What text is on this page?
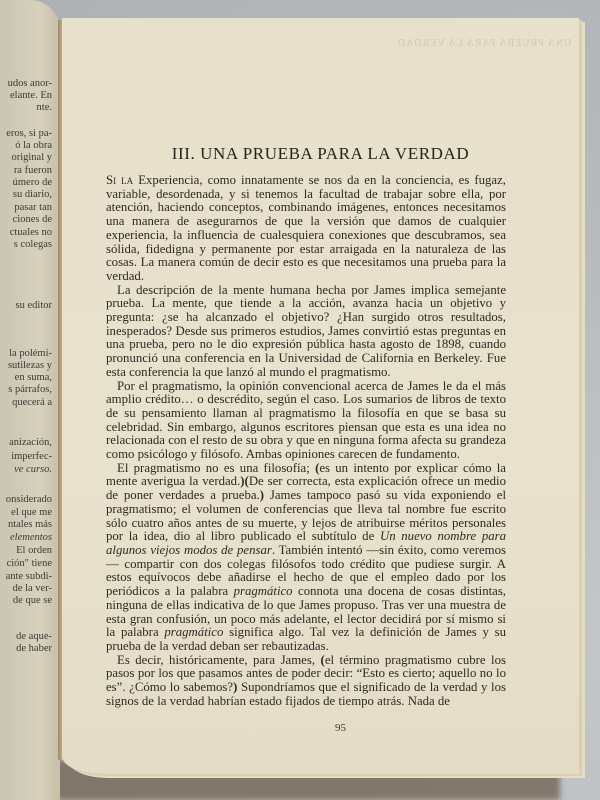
udos anor-
elante. En
nte.
eros, si pa-
ó la obra
original y
ra fueron
úmero de
su diario,
pasar tan
ciones de
ctuales no
s colegas
su editor
la polémi-
sutilezas y
en suma,
s párrafos,
quecerá a
anización,
imperfec-
ve curso.
onsiderado
el que me
ntales más
elementos
El orden
ción" tiene
ante subdi-
de la ver-
de que se
de aque-
de haber
UNA PRUEBA PARA LA VERDAD
III. UNA PRUEBA PARA LA VERDAD
95

Si la Experiencia, como innatamente se nos da en la conciencia, es fugaz, variable, desordenada, y si tenemos la facultad de trabajar sobre ella, por atención, haciendo conceptos, combinando imágenes, entonces necesitamos una manera de asegurarnos de que la versión que damos de cualquier experiencia, la influencia de cualesquiera conexiones que descubramos, sea sólida, fidedigna y permanente por estar arraigada en la naturaleza de las cosas. La manera común de decir esto es que necesitamos una prueba para la verdad.

La descripción de la mente humana hecha por James implica semejante prueba. La mente, que tiende a la acción, avanza hacia un objetivo y pregunta: ¿se ha alcanzado el objetivo? ¿Han surgido otros resultados, inesperados? Desde sus primeros estudios, James convirtió estas preguntas en una prueba, pero no le dio expresión pública hasta agosto de 1898, cuando pronunció una conferencia en la Universidad de California en Berkeley. Fue esta conferencia la que lanzó al mundo el pragmatismo.

Por el pragmatismo, la opinión convencional acerca de James le da el más amplio crédito… o descrédito, según el caso. Los sumarios de libros de texto de su pensamiento llaman al pragmatismo la filosofía en que se basa su celebridad. Sin embargo, algunos escritores piensan que esta es una idea no relacionada con el resto de su obra y que en ninguna forma afecta su grandeza como psicólogo y filósofo. Ambas opiniones carecen de fundamento.

El pragmatismo no es una filosofía; (es un intento por explicar cómo la mente averigua la verdad.)(De ser correcta, esta explicación ofrece un medio de poner verdades a prueba.) James tampoco pasó su vida exponiendo el pragmatismo; el volumen de conferencias que lleva tal nombre fue escrito sólo cuatro años antes de su muerte, y lejos de atribuirse méritos personales por la idea, dio al libro publicado el subtítulo de Un nuevo nombre para algunos viejos modos de pensar. También intentó —sin éxito, como veremos— compartir con dos colegas filósofos todo crédito que pudiese surgir. A estos equívocos debe añadirse el hecho de que el empleo dado por los periódicos a la palabra pragmático connota una docena de cosas distintas, ninguna de ellas indicativa de lo que James propuso. Tras ver una muestra de esta gran confusión, un poco más adelante, el lector decidirá por sí mismo si la palabra pragmático significa algo. Tal vez la definición de James y su prueba de la verdad deban ser rebautizadas.

Es decir, históricamente, para James, (el término pragmatismo cubre los pasos por los que pasamos antes de poder decir: “Esto es cierto; aquello no lo es”. ¿Cómo lo sabemos?) Supondríamos que el significado de la verdad y los signos de la verdad habrían estado fijados de tiempo atrás. Nada de
